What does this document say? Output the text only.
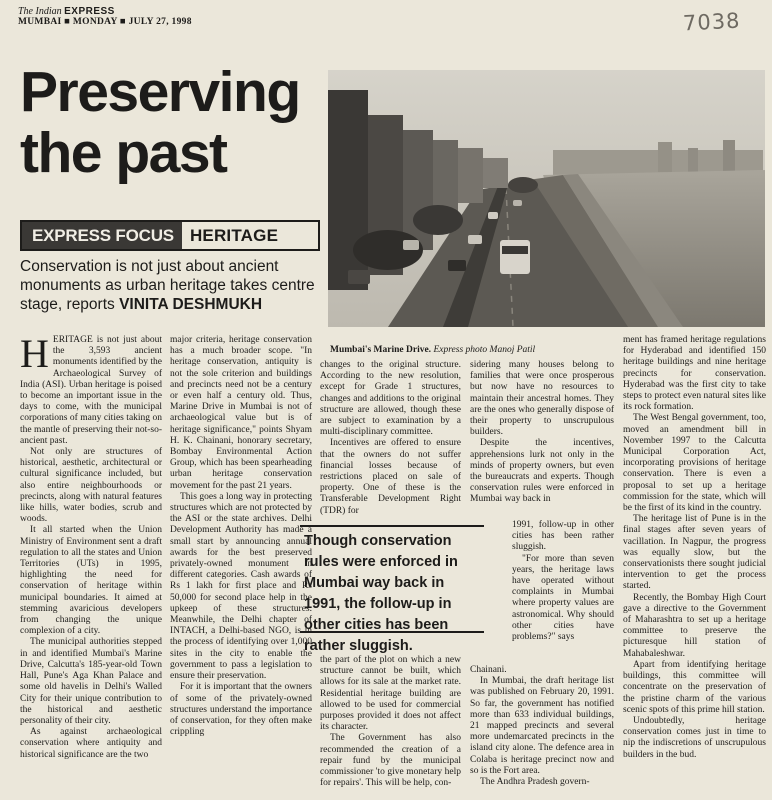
The Indian EXPRESS
MUMBAI ■ MONDAY ■ JULY 27, 1998	7038
Preserving the past
EXPRESS FOCUS HERITAGE
Conservation is not just about ancient monuments as urban heritage takes centre stage, reports VINITA DESHMUKH
Mumbai's Marine Drive. Express photo Manoj Patil

HERITAGE is not just about the 3,593 ancient monuments identified by the Archaeological Survey of India (ASI). Urban heritage is poised to become an important issue in the days to come, with the municipal corporations of many cities taking on the mantle of preserving their not-so-ancient past.

Not only are structures of historical, aesthetic, architectural or cultural significance included, but also entire neighbourhoods or precincts, along with natural features like hills, water bodies, scrub and woods.

It all started when the Union Ministry of Environment sent a draft regulation to all the states and Union Territories (UTs) in 1995, highlighting the need for conservation of heritage within municipal boundaries. It aimed at stemming avaricious developers from changing the unique complexion of a city.

The municipal authorities stepped in and identified Mumbai's Marine Drive, Calcutta's 185-year-old Town Hall, Pune's Aga Khan Palace and some old havelis in Delhi's Walled City for their unique contribution to the historical and aesthetic personality of their city.

As against archaeological conservation where antiquity and historical significance are the two

major criteria, heritage conservation has a much broader scope. "In heritage conservation, antiquity is not the sole criterion and buildings and precincts need not be a century or even half a century old. Thus, Marine Drive in Mumbai is not of archaeological value but is of heritage significance," points Shyam H. K. Chainani, honorary secretary, Bombay Environmental Action Group, which has been spearheading urban heritage conservation movement for the past 21 years.

This goes a long way in protecting structures which are not protected by the ASI or the state archives. Delhi Development Authority has made a small start by announcing annual awards for the best preserved privately-owned monument in different categories. Cash awards of Rs 1 lakh for first place and Rs 50,000 for second place help in the upkeep of these structures. Meanwhile, the Delhi chapter of INTACH, a Delhi-based NGO, is in the process of identifying over 1,000 sites in the city to enable the government to pass a legislation to ensure their preservation.

For it is important that the owners of some of the privately-owned structures understand the importance of conservation, for they often make crippling

changes to the original structure. According to the new resolution, except for Grade 1 structures, changes and additions to the original structure are allowed, though these are subject to examination by a multi-disciplinary committee.

Incentives are offered to ensure that the owners do not suffer financial losses because of restrictions placed on sale of property. One of these is the Transferable Development Right (TDR) for

Though conservation rules were enforced in Mumbai way back in 1991, the follow-up in other cities has been rather sluggish.

the part of the plot on which a new structure cannot be built, which allows for its sale at the market rate. Residential heritage building are allowed to be used for commercial purposes provided it does not affect its character.

The Government has also recommended the creation of a repair fund by the municipal commissioner 'to give monetary help for repairs'. This will be help, con-

sidering many houses belong to families that were once prosperous but now have no resources to maintain their ancestral homes. They are the ones who generally dispose of their property to unscrupulous builders.

Despite the incentives, apprehensions lurk not only in the minds of property owners, but even the bureaucrats and experts. Though conservation rules were enforced in Mumbai way back in

1991, follow-up in other cities has been rather sluggish.

"For more than seven years, the heritage laws have operated without complaints in Mumbai where property values are astronomical. Why should other cities have problems?" says

Chainani.

In Mumbai, the draft heritage list was published on February 20, 1991. So far, the government has notified more than 633 individual buildings, 21 mapped precincts and several more undemarcated precincts in the island city alone. The defence area in Colaba is heritage precinct now and so is the Fort area.

The Andhra Pradesh govern-

ment has framed heritage regulations for Hyderabad and identified 150 heritage buildings and nine heritage precincts for conservation. Hyderabad was the first city to take steps to protect even natural sites like its rock formation.

The West Bengal government, too, moved an amendment bill in November 1997 to the Calcutta Municipal Corporation Act, incorporating provisions of heritage conservation. There is even a proposal to set up a heritage commission for the state, which will be the first of its kind in the country.

The heritage list of Pune is in the final stages after seven years of vacillation. In Nagpur, the progress was equally slow, but the conservationists there sought judicial intervention to get the process started.

Recently, the Bombay High Court gave a directive to the Government of Maharashtra to set up a heritage committee to preserve the picturesque hill station of Mahabaleshwar.

Apart from identifying heritage buildings, this committee will concentrate on the preservation of the pristine charm of the various scenic spots of this prime hill station.

Undoubtedly, heritage conservation comes just in time to nip the indiscretions of unscrupulous builders in the bud.
